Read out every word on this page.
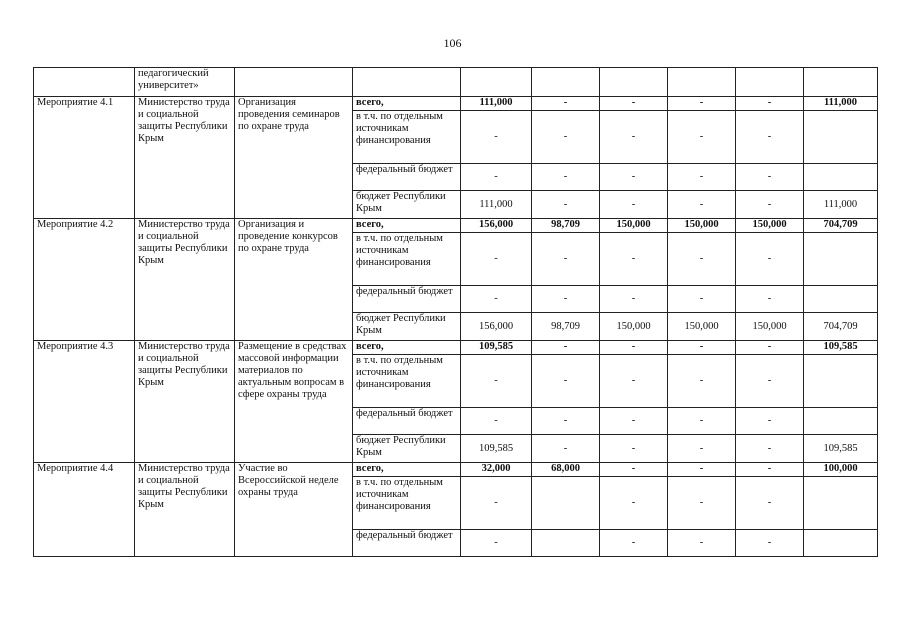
106
	педагогический университет»								
Мероприятие 4.1	Министерство труда и социальной защиты Республики Крым	Организация проведения семинаров по охране труда	всего,	111,000	-	-	-	-	111,000
			в т.ч. по отдельным источникам финансирования	-	-	-	-	-	
			федеральный бюджет	-	-	-	-	-	
			бюджет Республики Крым	111,000	-	-	-	-	111,000
Мероприятие 4.2	Министерство труда и социальной защиты Республики Крым	Организация и проведение конкурсов по охране труда	всего,	156,000	98,709	150,000	150,000	150,000	704,709
			в т.ч. по отдельным источникам финансирования	-	-	-	-	-	
			федеральный бюджет	-	-	-	-	-	
			бюджет Республики Крым	156,000	98,709	150,000	150,000	150,000	704,709
Мероприятие 4.3	Министерство труда и социальной защиты Республики Крым	Размещение в средствах массовой информации материалов по актуальным вопросам в сфере охраны труда	всего,	109,585	-	-	-	-	109,585
			в т.ч. по отдельным источникам финансирования	-	-	-	-	-	
			федеральный бюджет	-	-	-	-	-	
			бюджет Республики Крым	109,585	-	-	-	-	109,585
Мероприятие 4.4	Министерство труда и социальной защиты Республики Крым	Участие во Всероссийской неделе охраны труда	всего,	32,000	68,000	-	-	-	100,000
			в т.ч. по отдельным источникам финансирования	-		-	-	-	
			федеральный бюджет	-		-	-	-	
